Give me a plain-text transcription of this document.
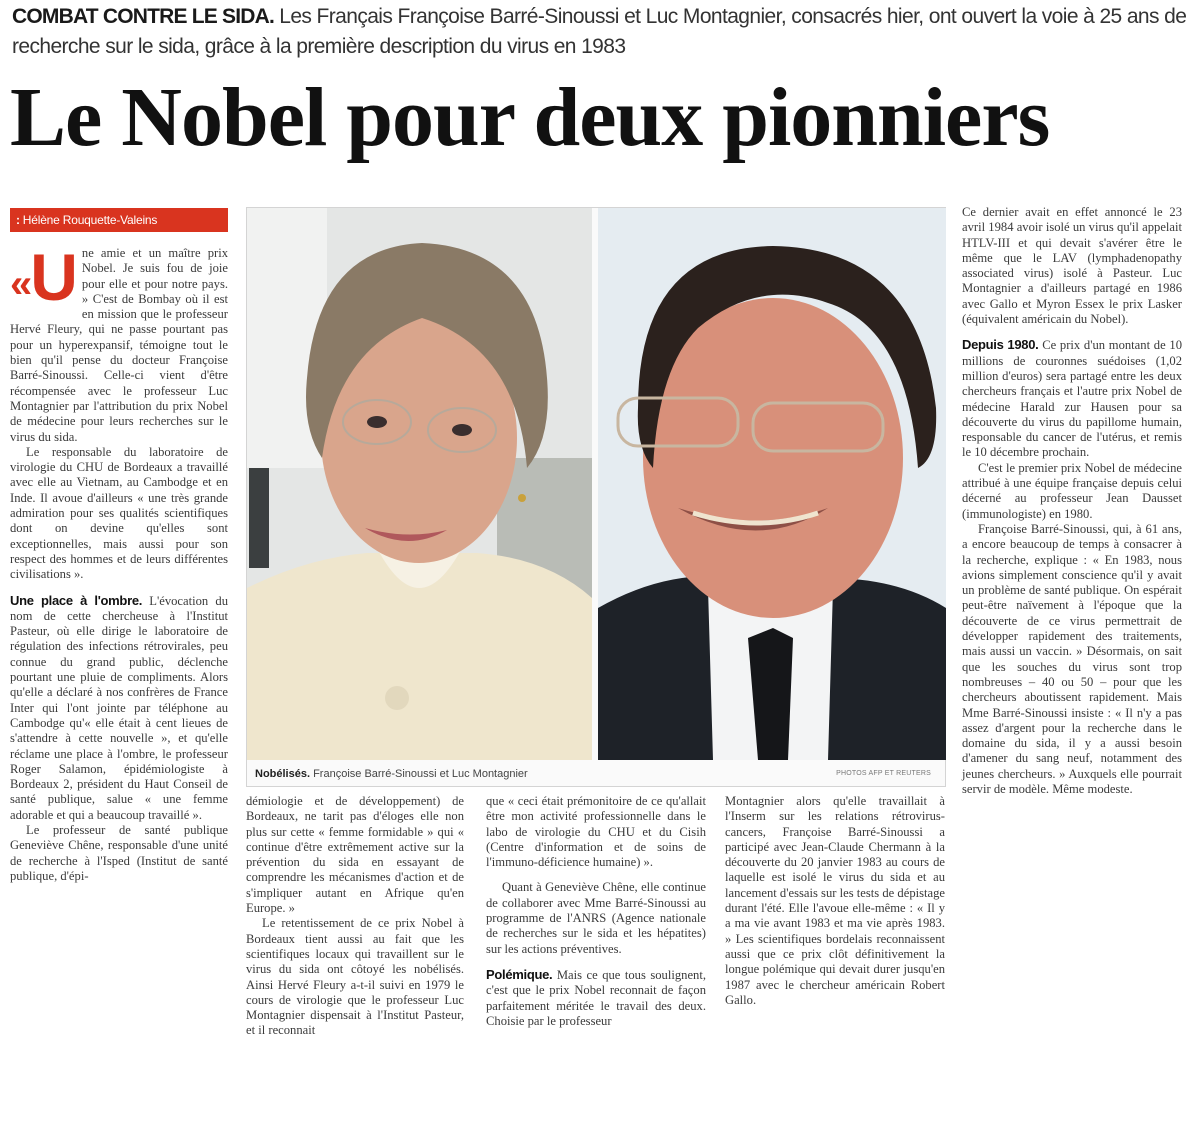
COMBAT CONTRE LE SIDA. Les Français Françoise Barré-Sinoussi et Luc Montagnier, consacrés hier, ont ouvert la voie à 25 ans de recherche sur le sida, grâce à la première description du virus en 1983
Le Nobel pour deux pionniers
: Hélène Rouquette-Valeins

« U ne amie et un maître prix Nobel. Je suis fou de joie pour elle et pour notre pays. » C'est de Bombay où il est en mission que le professeur Hervé Fleury, qui ne passe pourtant pas pour un hyperexpansif, témoigne tout le bien qu'il pense du docteur Françoise Barré-Sinoussi. Celle-ci vient d'être récompensée avec le professeur Luc Montagnier par l'attribution du prix Nobel de médecine pour leurs recherches sur le virus du sida.

Le responsable du laboratoire de virologie du CHU de Bordeaux a travaillé avec elle au Vietnam, au Cambodge et en Inde. Il avoue d'ailleurs « une très grande admiration pour ses qualités scientifiques dont on devine qu'elles sont exceptionnelles, mais aussi pour son respect des hommes et de leurs différentes civilisations ».

Une place à l'ombre. L'évocation du nom de cette chercheuse à l'Institut Pasteur, où elle dirige le laboratoire de régulation des infections rétrovirales, peu connue du grand public, déclenche pourtant une pluie de compliments. Alors qu'elle a déclaré à nos confrères de France Inter qui l'ont jointe par téléphone au Cambodge qu'« elle était à cent lieues de s'attendre à cette nouvelle », et qu'elle réclame une place à l'ombre, le professeur Roger Salamon, épidémiologiste à Bordeaux 2, président du Haut Conseil de santé publique, salue « une femme adorable et qui a beaucoup travaillé ».

Le professeur de santé publique Geneviève Chêne, responsable d'une unité de recherche à l'Isped (Institut de santé publique, d'épi-

Nobélisés. Françoise Barré-Sinoussi et Luc Montagnier	PHOTOS AFP ET REUTERS

démiologie et de développement) de Bordeaux, ne tarit pas d'éloges elle non plus sur cette « femme formidable » qui « continue d'être extrêmement active sur la prévention du sida en essayant de comprendre les mécanismes d'action et de s'impliquer autant en Afrique qu'en Europe. »

Le retentissement de ce prix Nobel à Bordeaux tient aussi au fait que les scientifiques locaux qui travaillent sur le virus du sida ont côtoyé les nobélisés. Ainsi Hervé Fleury a-t-il suivi en 1979 le cours de virologie que le professeur Luc Montagnier dispensait à l'Institut Pasteur, et il reconnait

que « ceci était prémonitoire de ce qu'allait être mon activité professionnelle dans le labo de virologie du CHU et du Cisih (Centre d'information et de soins de l'immuno-déficience humaine) ».

Quant à Geneviève Chêne, elle continue de collaborer avec Mme Barré-Sinoussi au programme de l'ANRS (Agence nationale de recherches sur le sida et les hépatites) sur les actions préventives.

Polémique. Mais ce que tous soulignent, c'est que le prix Nobel reconnait de façon parfaitement méritée le travail des deux. Choisie par le professeur

Montagnier alors qu'elle travaillait à l'Inserm sur les relations rétrovirus-cancers, Françoise Barré-Sinoussi a participé avec Jean-Claude Chermann à la découverte du 20 janvier 1983 au cours de laquelle est isolé le virus du sida et au lancement d'essais sur les tests de dépistage durant l'été. Elle l'avoue elle-même : « Il y a ma vie avant 1983 et ma vie après 1983. » Les scientifiques bordelais reconnaissent aussi que ce prix clôt définitivement la longue polémique qui devait durer jusqu'en 1987 avec le chercheur américain Robert Gallo.

Ce dernier avait en effet annoncé le 23 avril 1984 avoir isolé un virus qu'il appelait HTLV-III et qui devait s'avérer être le même que le LAV (lymphadenopathy associated virus) isolé à Pasteur. Luc Montagnier a d'ailleurs partagé en 1986 avec Gallo et Myron Essex le prix Lasker (équivalent américain du Nobel).

Depuis 1980. Ce prix d'un montant de 10 millions de couronnes suédoises (1,02 million d'euros) sera partagé entre les deux chercheurs français et l'autre prix Nobel de médecine Harald zur Hausen pour sa découverte du virus du papillome humain, responsable du cancer de l'utérus, et remis le 10 décembre prochain.

C'est le premier prix Nobel de médecine attribué à une équipe française depuis celui décerné au professeur Jean Dausset (immunologiste) en 1980.

Françoise Barré-Sinoussi, qui, à 61 ans, a encore beaucoup de temps à consacrer à la recherche, explique : « En 1983, nous avions simplement conscience qu'il y avait un problème de santé publique. On espérait peut-être naïvement à l'époque que la découverte de ce virus permettrait de développer rapidement des traitements, mais aussi un vaccin. » Désormais, on sait que les souches du virus sont trop nombreuses – 40 ou 50 – pour que les chercheurs aboutissent rapidement. Mais Mme Barré-Sinoussi insiste : « Il n'y a pas assez d'argent pour la recherche dans le domaine du sida, il y a aussi besoin d'amener du sang neuf, notamment des jeunes chercheurs. » Auxquels elle pourrait servir de modèle. Même modeste.
